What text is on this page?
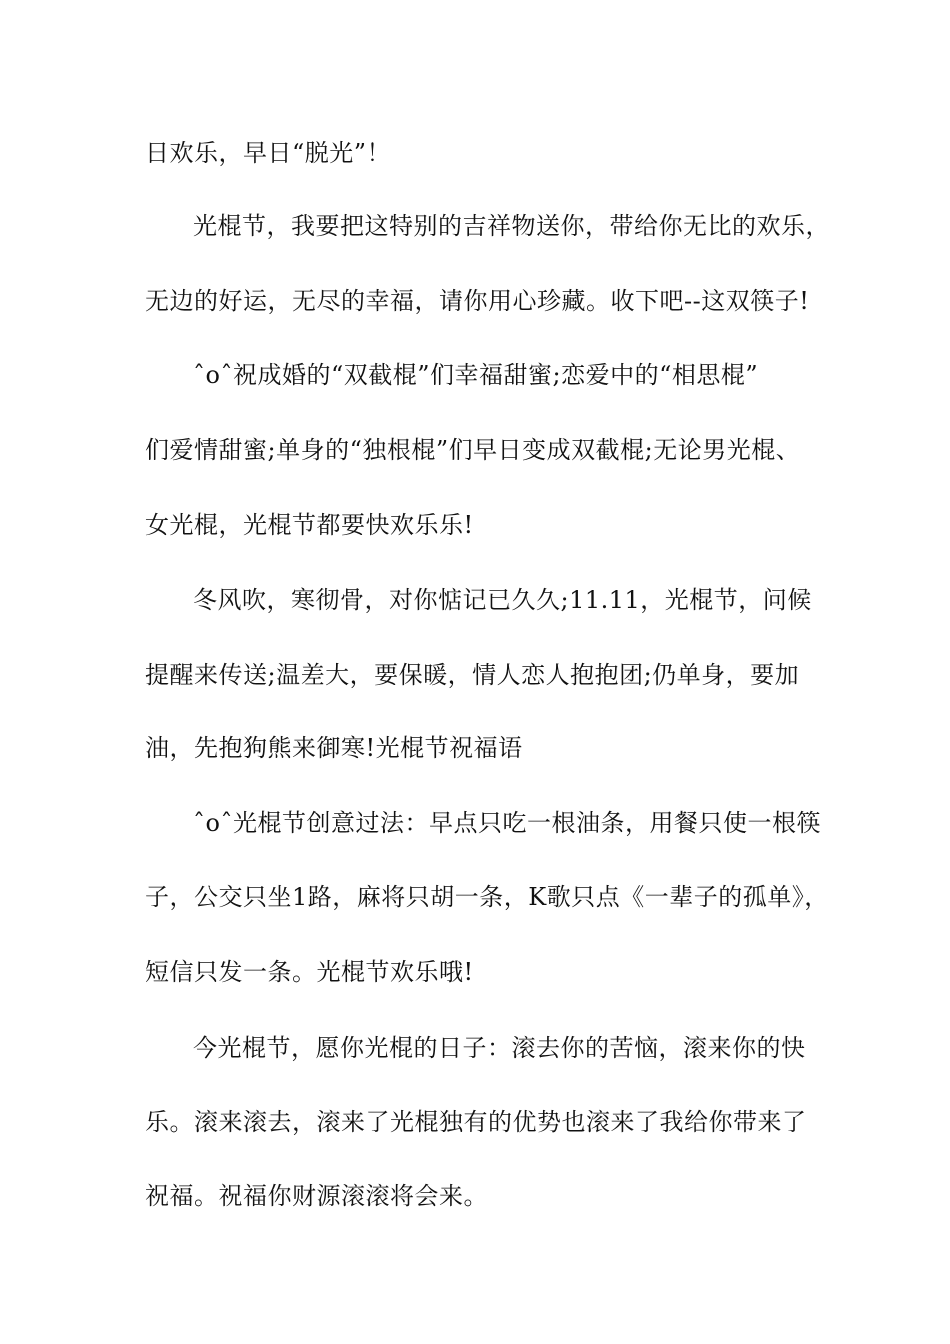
日欢乐，早日“脱光”！
光棍节，我要把这特别的吉祥物送你，带给你无比的欢乐，
无边的好运，无尽的幸福，请你用心珍藏。收下吧--这双筷子!
ˆoˆ祝成婚的“双截棍”们幸福甜蜜;恋爱中的“相思棍”
们爱情甜蜜;单身的“独根棍”们早日变成双截棍;无论男光棍、
女光棍，光棍节都要快欢乐乐!
冬风吹，寒彻骨，对你惦记已久久;11.11，光棍节，问候
提醒来传送;温差大，要保暖，情人恋人抱抱团;仍单身，要加
油，先抱狗熊来御寒!光棍节祝福语
ˆoˆ光棍节创意过法：早点只吃一根油条，用餐只使一根筷
子，公交只坐1路，麻将只胡一条，K歌只点《一辈子的孤单》，
短信只发一条。光棍节欢乐哦!
今光棍节，愿你光棍的日子：滚去你的苦恼，滚来你的快
乐。滚来滚去，滚来了光棍独有的优势也滚来了我给你带来了
祝福。祝福你财源滚滚将会来。
